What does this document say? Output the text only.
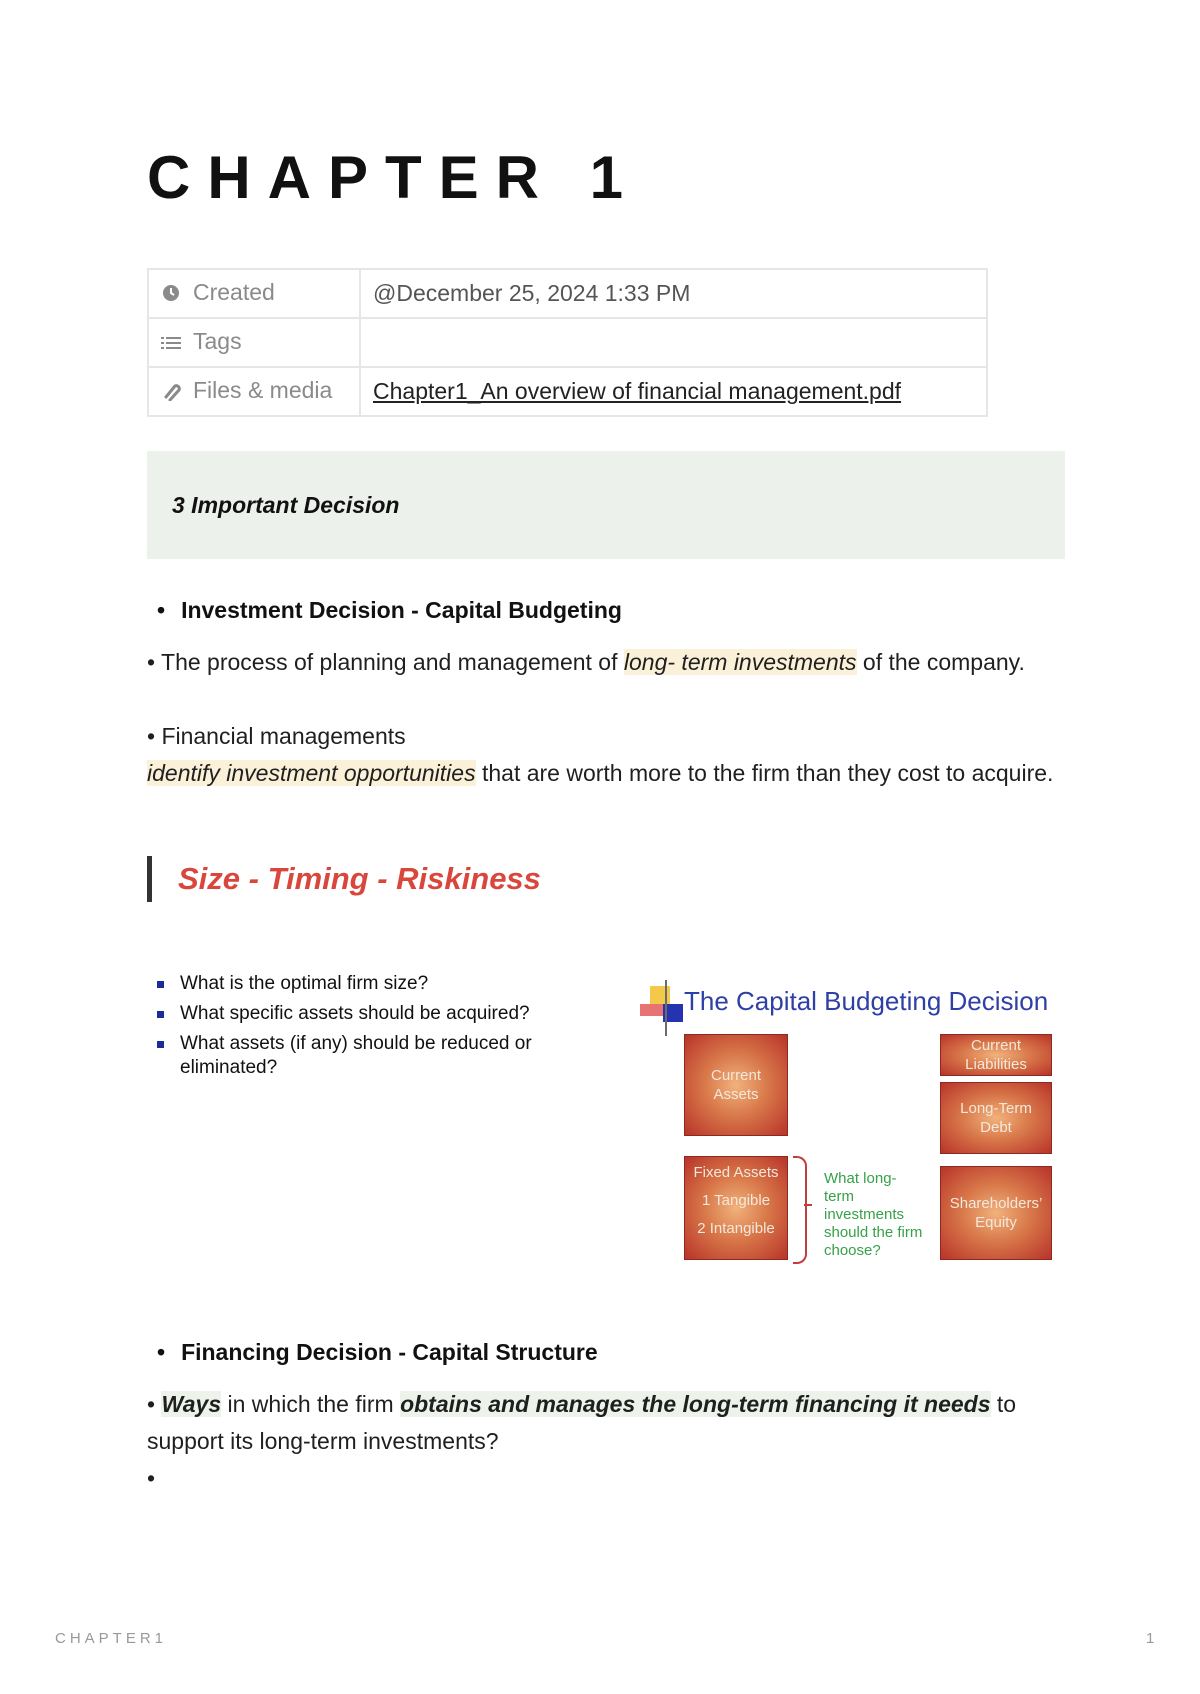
CHAPTER 1
Created	@December 25, 2024 1:33 PM
Tags	
Files & media	Chapter1_An overview of financial management.pdf
3 Important Decision
• Investment Decision - Capital Budgeting
• The process of planning and management of long- term investments of the company.
• Financial managements
identify investment opportunities that are worth more to the firm than they cost to acquire.
Size - Timing - Riskiness
What is the optimal firm size?
What specific assets should be acquired?
What assets (if any) should be reduced or eliminated?
The Capital Budgeting Decision
Current
Assets
Fixed Assets
1 Tangible
2 Intangible
What long-term investments should the firm choose?
Current
Liabilities
Long-Term
Debt
Shareholders’
Equity
• Financing Decision - Capital Structure
• Ways in which the firm obtains and manages the long-term financing it needs to support its long-term investments?
•
CHAPTER1	1
